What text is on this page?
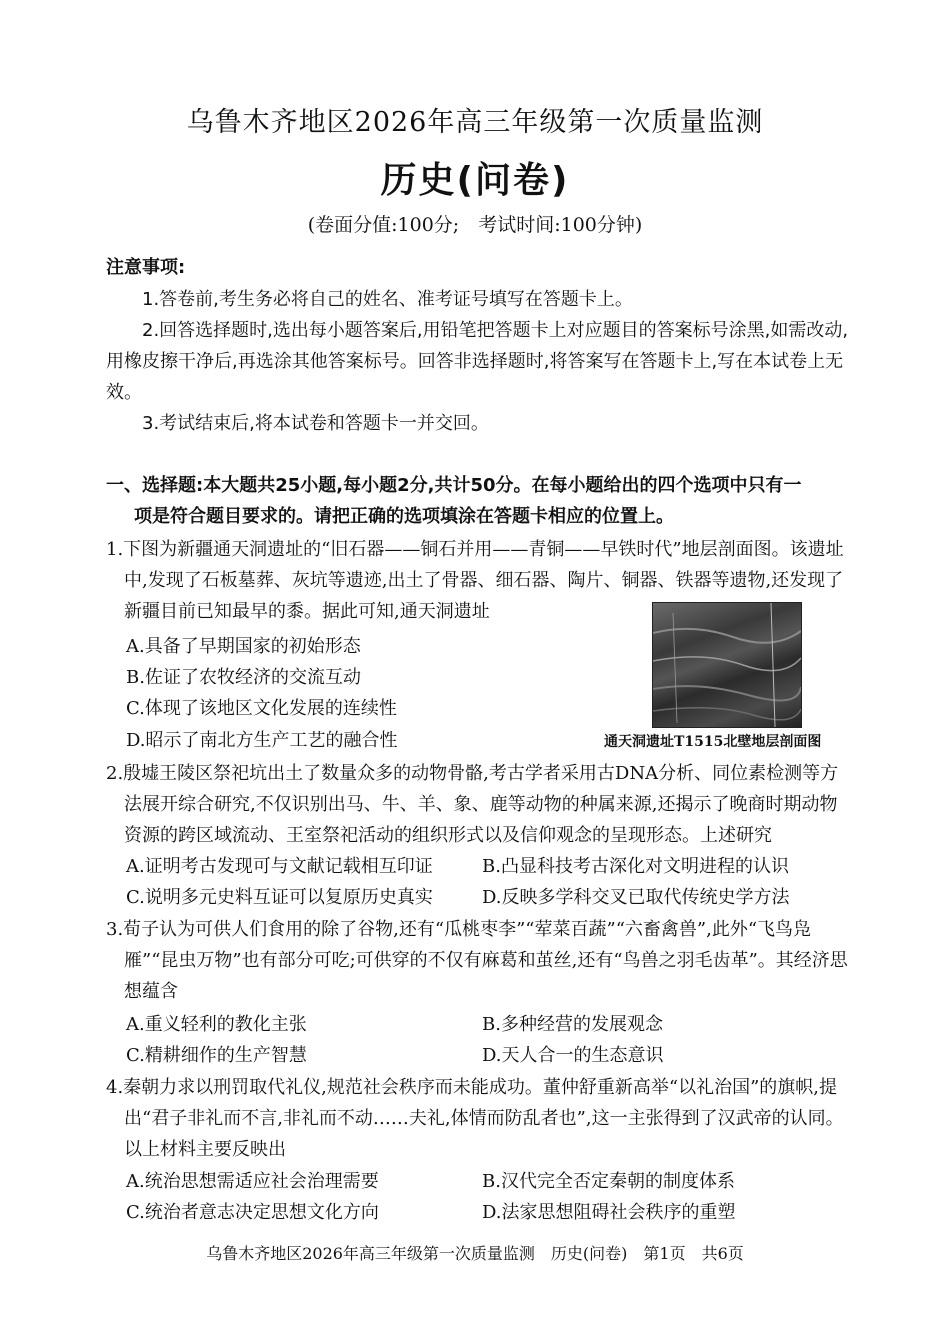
乌鲁木齐地区2026年高三年级第一次质量监测
历史(问卷)
(卷面分值:100分;　考试时间:100分钟)
注意事项:

1.答卷前,考生务必将自己的姓名、准考证号填写在答题卡上。

2.回答选择题时,选出每小题答案后,用铅笔把答题卡上对应题目的答案标号涂黑,如需改动,用橡皮擦干净后,再选涂其他答案标号。回答非选择题时,将答案写在答题卡上,写在本试卷上无效。

3.考试结束后,将本试卷和答题卡一并交回。

一、选择题:本大题共25小题,每小题2分,共计50分。在每小题给出的四个选项中只有一
项是符合题目要求的。请把正确的选项填涂在答题卡相应的位置上。
1.下图为新疆通天洞遗址的“旧石器——铜石并用——青铜——早铁时代”地层剖面图。该遗址中,发现了石板墓葬、灰坑等遗迹,出土了骨器、细石器、陶片、铜器、铁器等遗物,还发现了新疆目前已知最早的黍。据此可知,通天洞遗址
A.具备了早期国家的初始形态
B.佐证了农牧经济的交流互动
C.体现了该地区文化发展的连续性
D.昭示了南北方生产工艺的融合性	通天洞遗址T1515北壁地层剖面图
2.殷墟王陵区祭祀坑出土了数量众多的动物骨骼,考古学者采用古DNA分析、同位素检测等方法展开综合研究,不仅识别出马、牛、羊、象、鹿等动物的种属来源,还揭示了晚商时期动物资源的跨区域流动、王室祭祀活动的组织形式以及信仰观念的呈现形态。上述研究
A.证明考古发现可与文献记载相互印证	B.凸显科技考古深化对文明进程的认识
C.说明多元史料互证可以复原历史真实	D.反映多学科交叉已取代传统史学方法
3.荀子认为可供人们食用的除了谷物,还有“瓜桃枣李”“荤菜百蔬”“六畜禽兽”,此外“飞鸟凫雁”“昆虫万物”也有部分可吃;可供穿的不仅有麻葛和茧丝,还有“鸟兽之羽毛齿革”。其经济思想蕴含
A.重义轻利的教化主张	B.多种经营的发展观念
C.精耕细作的生产智慧	D.天人合一的生态意识
4.秦朝力求以刑罚取代礼仪,规范社会秩序而未能成功。董仲舒重新高举“以礼治国”的旗帜,提出“君子非礼而不言,非礼而不动……夫礼,体情而防乱者也”,这一主张得到了汉武帝的认同。以上材料主要反映出
A.统治思想需适应社会治理需要	B.汉代完全否定秦朝的制度体系
C.统治者意志决定思想文化方向	D.法家思想阻碍社会秩序的重塑
乌鲁木齐地区2026年高三年级第一次质量监测　历史(问卷)　第1页　共6页
